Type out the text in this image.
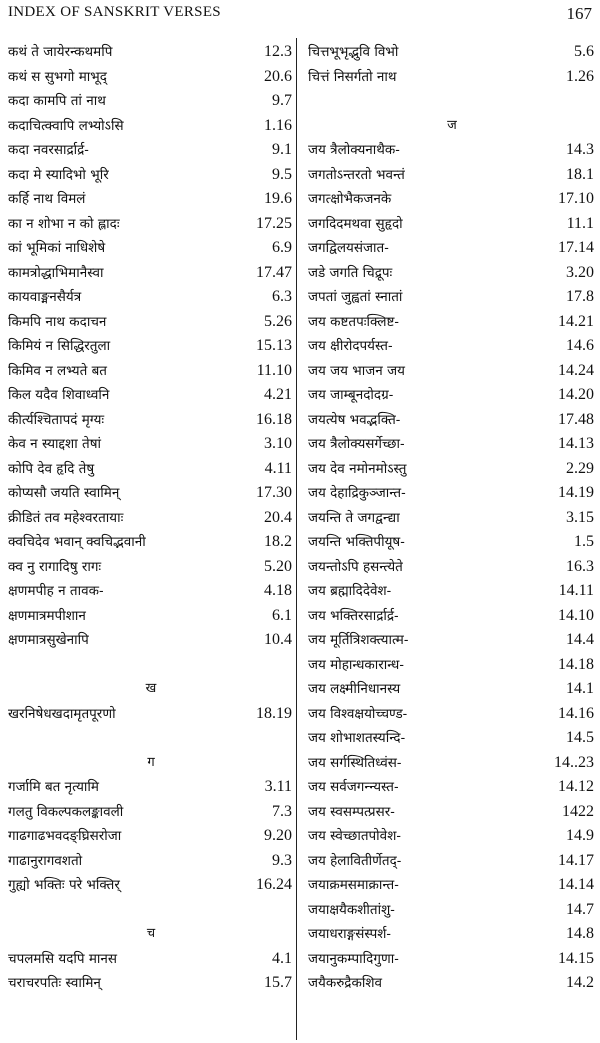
INDEX OF SANSKRIT VERSES	167
कथं ते जायेरन्कथमपि	12.3
कथं स सुभगो माभूद्	20.6
कदा कामपि तां नाथ	9.7
कदाचित्क्वापि लभ्योऽसि	1.16
कदा नवरसार्द्रार्द्र-	9.1
कदा मे स्यादिभो भूरि	9.5
कर्हि नाथ विमलं	19.6
का न शोभा न को ह्लादः	17.25
कां भूमिकां नाधिशेषे	6.9
कामत्रोद्धाभिमानैस्वा	17.47
कायवाङ्मनसैर्यत्र	6.3
किमपि नाथ कदाचन	5.26
किमियं न सिद्धिरतुला	15.13
किमिव न लभ्यते बत	11.10
किल यदैव शिवाध्वनि	4.21
कीर्त्यश्चितापदं मृग्यः	16.18
केव न स्याद्दशा तेषां	3.10
कोपि देव हृदि तेषु	4.11
कोप्यसौ जयति स्वामिन्	17.30
क्रीडितं तव महेश्वरतायाः	20.4
क्वचिदेव भवान् क्वचिद्भवानी	18.2
क्व नु रागादिषु रागः	5.20
क्षणमपीह न तावक-	4.18
क्षणमात्रमपीशान	6.1
क्षणमात्रसुखेनापि	10.4
ख
खरनिषेधखदामृतपूरणो	18.19
ग
गर्जामि बत नृत्यामि	3.11
गलतु विकल्पकलङ्कावली	7.3
गाढगाढभवदङ्घ्रिसरोजा	9.20
गाढानुरागवशतो	9.3
गुह्यो भक्तिः परे भक्तिर्	16.24
च
चपलमसि यदपि मानस	4.1
चराचरपतिः स्वामिन्	15.7
चित्तभूभृद्भुवि विभो	5.6
चित्तं निसर्गतो नाथ	1.26
ज
जय त्रैलोक्यनाथैक-	14.3
जगतोऽन्तरतो भवन्तं	18.1
जगत्क्षोभैकजनके	17.10
जगदिदमथवा सुहृदो	11.1
जगद्विलयसंजात-	17.14
जडे जगति चिद्रूपः	3.20
जपतां जुह्वतां स्नातां	17.8
जय कष्टतपःक्लिष्ट-	14.21
जय क्षीरोदपर्यस्त-	14.6
जय जय भाजन जय	14.24
जय जाम्बूनदोदग्र-	14.20
जयत्येष भवद्भक्ति-	17.48
जय त्रैलोक्यसर्गेच्छा-	14.13
जय देव नमोनमोऽस्तु	2.29
जय देहाद्रिकुञ्जान्त-	14.19
जयन्ति ते जगद्वन्द्या	3.15
जयन्ति भक्तिपीयूष-	1.5
जयन्तोऽपि हसन्त्येते	16.3
जय ब्रह्मादिदेवेश-	14.11
जय भक्तिरसार्द्रार्द्र-	14.10
जय मूर्तित्रिशक्त्यात्म-	14.4
जय मोहान्धकारान्ध-	14.18
जय लक्ष्मीनिधानस्य	14.1
जय विश्वक्षयोच्चण्ड-	14.16
जय शोभाशतस्यन्दि-	14.5
जय सर्गस्थितिध्वंस-	14..23
जय सर्वजगन्न्यस्त-	14.12
जय स्वसम्पत्प्रसर-	1422
जय स्वेच्छातपोवेश-	14.9
जय हेलावितीर्णेतद्-	14.17
जयाक्रमसमाक्रान्त-	14.14
जयाक्षयैकशीतांशु-	14.7
जयाधराङ्गसंस्पर्श-	14.8
जयानुकम्पादिगुणा-	14.15
जयैकरुद्रैकशिव	14.2
